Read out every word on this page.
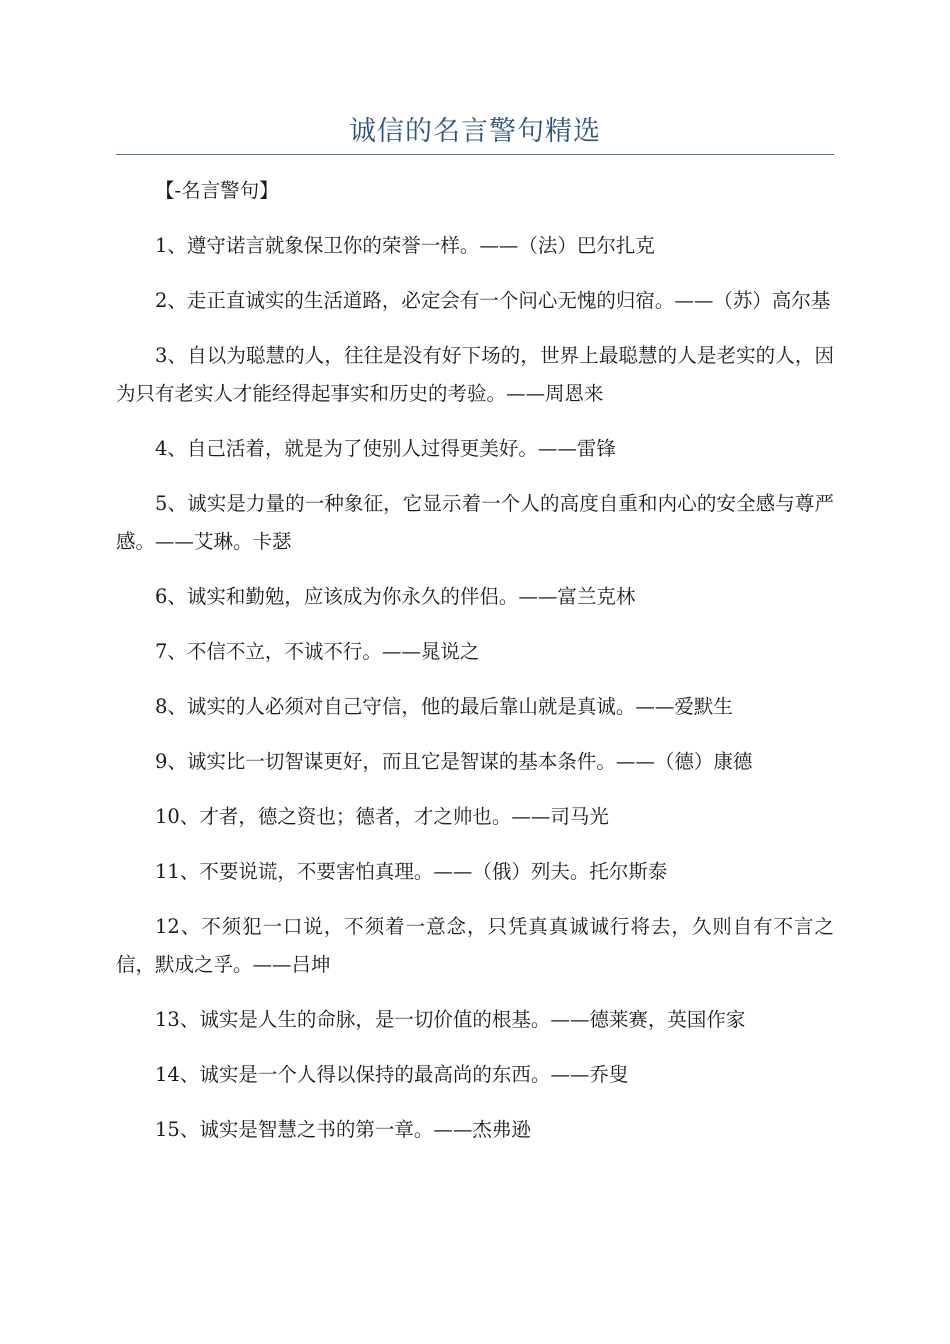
诚信的名言警句精选

【-名言警句】

1、遵守诺言就象保卫你的荣誉一样。——（法）巴尔扎克

2、走正直诚实的生活道路，必定会有一个问心无愧的归宿。——（苏）高尔基

3、自以为聪慧的人，往往是没有好下场的，世界上最聪慧的人是老实的人，因为只有老实人才能经得起事实和历史的考验。——周恩来

4、自己活着，就是为了使别人过得更美好。——雷锋

5、诚实是力量的一种象征，它显示着一个人的高度自重和内心的安全感与尊严感。——艾琳。卡瑟

6、诚实和勤勉，应该成为你永久的伴侣。——富兰克林

7、不信不立，不诚不行。——晁说之

8、诚实的人必须对自己守信，他的最后靠山就是真诚。——爱默生

9、诚实比一切智谋更好，而且它是智谋的基本条件。——（德）康德

10、才者，德之资也；德者，才之帅也。——司马光

11、不要说谎，不要害怕真理。——（俄）列夫。托尔斯泰

12、不须犯一口说，不须着一意念，只凭真真诚诚行将去，久则自有不言之信，默成之孚。——吕坤

13、诚实是人生的命脉，是一切价值的根基。——德莱赛，英国作家

14、诚实是一个人得以保持的最高尚的东西。——乔叟

15、诚实是智慧之书的第一章。——杰弗逊
